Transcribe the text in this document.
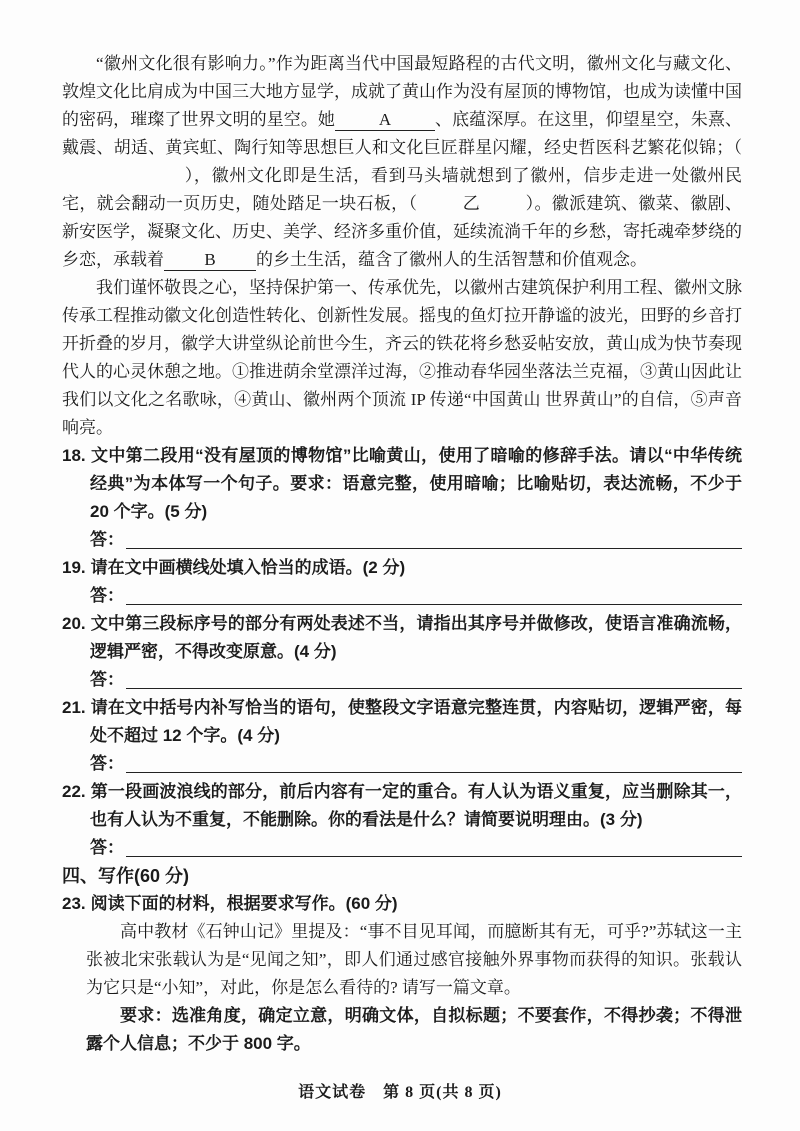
“徽州文化很有影响力。”作为距离当代中国最短路程的古代文明，徽州文化与藏文化、敦煌文化比肩成为中国三大地方显学，成就了黄山作为没有屋顶的博物馆，也成为读懂中国的密码，璀璨了世界文明的星空。她	A	、底蕴深厚。在这里，仰望星空，朱熹、戴震、胡适、黄宾虹、陶行知等思想巨人和文化巨匠群星闪耀，经史哲医科艺繁花似锦；（），徽州文化即是生活，看到马头墙就想到了徽州，信步走进一处徽州民宅，就会翻动一页历史，随处踏足一块石板，（	乙	）。徽派建筑、徽菜、徽剧、新安医学，凝聚文化、历史、美学、经济多重价值，延续流淌千年的乡愁，寄托魂牵梦绕的乡恋，承载着 B 的乡土生活，蕴含了徽州人的生活智慧和价值观念。

我们谨怀敬畏之心，坚持保护第一、传承优先，以徽州古建筑保护利用工程、徽州文脉传承工程推动徽文化创造性转化、创新性发展。摇曳的鱼灯拉开静谧的波光，田野的乡音打开折叠的岁月，徽学大讲堂纵论前世今生，齐云的铁花将乡愁妥帖安放，黄山成为快节奏现代人的心灵休憩之地。①推进荫余堂漂洋过海，②推动春华园坐落法兰克福，③黄山因此让我们以文化之名歌咏，④黄山、徽州两个顶流 IP 传递“中国黄山 世界黄山”的自信，⑤声音响亮。

18. 文中第二段用“没有屋顶的博物馆”比喻黄山，使用了暗喻的修辞手法。请以“中华传统经典”为本体写一个句子。要求：语意完整，使用暗喻；比喻贴切，表达流畅，不少于 20 个字。(5 分)
答：
19. 请在文中画横线处填入恰当的成语。(2 分)
答：
20. 文中第三段标序号的部分有两处表述不当，请指出其序号并做修改，使语言准确流畅，逻辑严密，不得改变原意。(4 分)
答：
21. 请在文中括号内补写恰当的语句，使整段文字语意完整连贯，内容贴切，逻辑严密，每处不超过 12 个字。(4 分)
答：
22. 第一段画波浪线的部分，前后内容有一定的重合。有人认为语义重复，应当删除其一，也有人认为不重复，不能删除。你的看法是什么？请简要说明理由。(3 分)
答：
四、写作(60 分)
23. 阅读下面的材料，根据要求写作。(60 分)

高中教材《石钟山记》里提及：“事不目见耳闻，而臆断其有无，可乎?”苏轼这一主张被北宋张载认为是“见闻之知”，即人们通过感官接触外界事物而获得的知识。张载认为它只是“小知”，对此，你是怎么看待的? 请写一篇文章。

要求：选准角度，确定立意，明确文体，自拟标题；不要套作，不得抄袭；不得泄露个人信息；不少于 800 字。

语文试卷　第 8 页(共 8 页)
